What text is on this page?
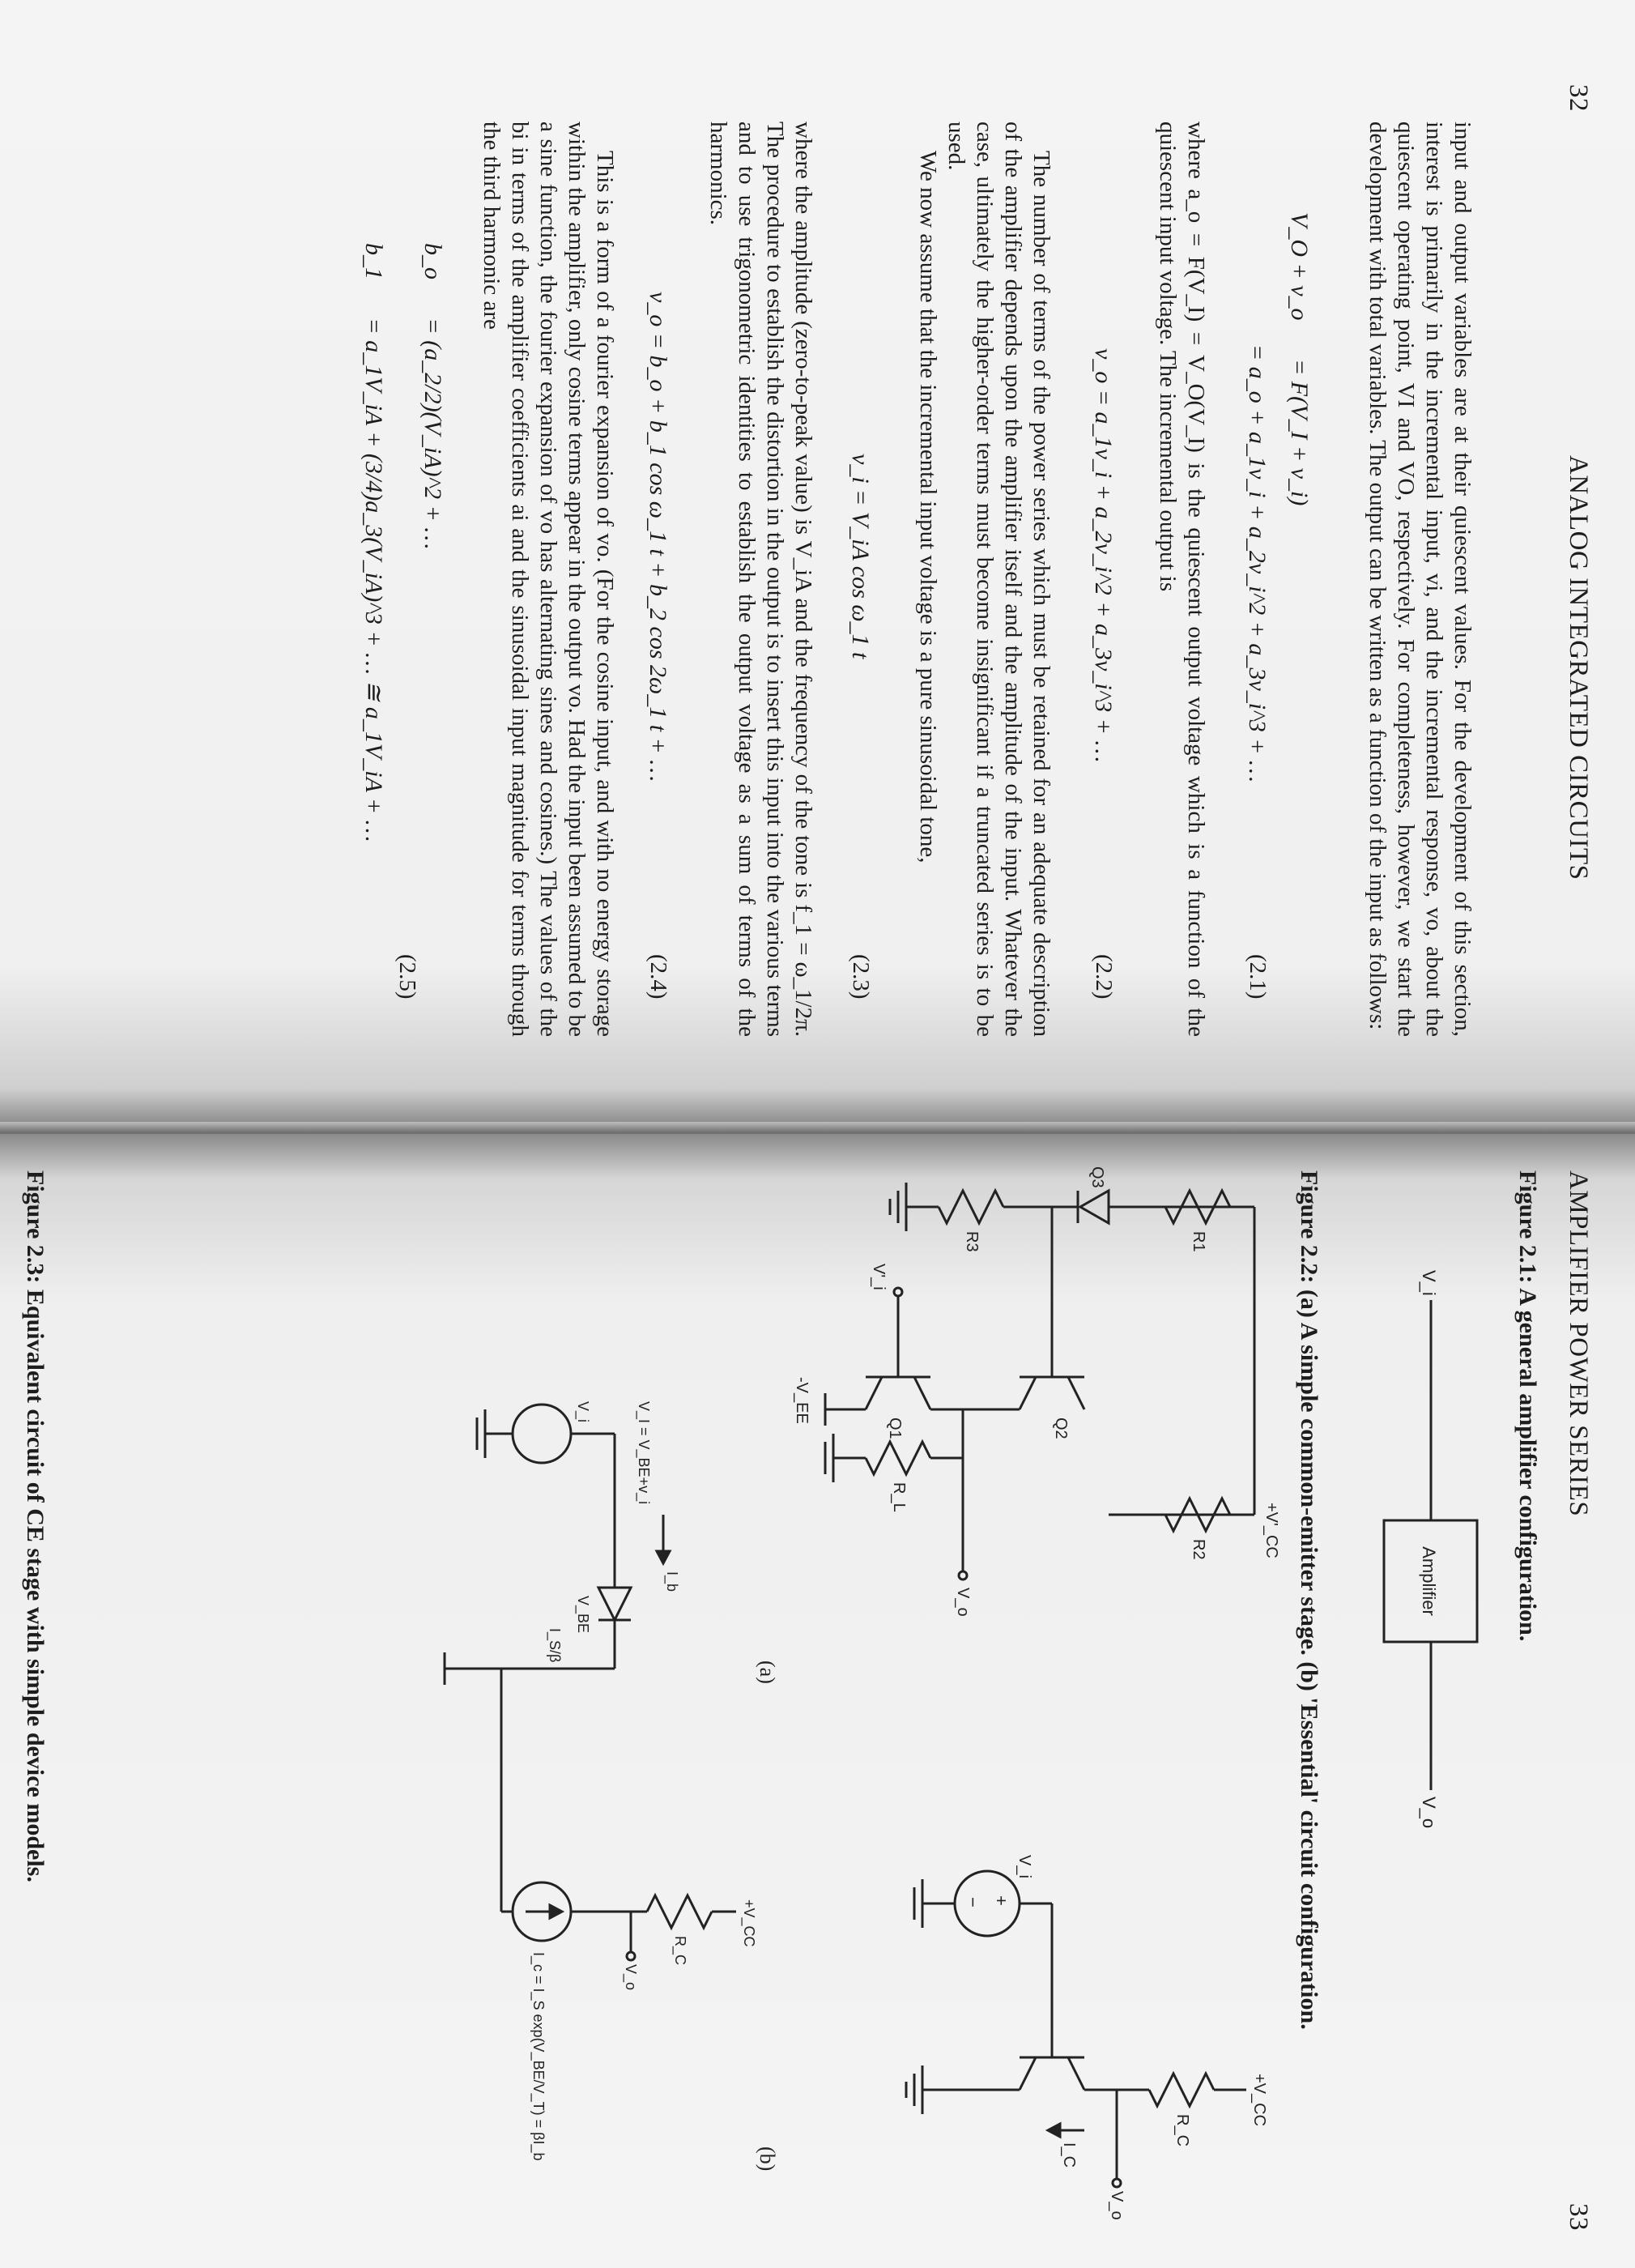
32
ANALOG INTEGRATED CIRCUITS

input and output variables are at their quiescent values. For the development of this section, interest is primarily in the incremental input, vi, and the incremental response, vo, about the quiescent operating point, VI and VO, respectively. For completeness, however, we start the development with total variables. The output can be written as a function of the input as follows:

V_O + v_o = F(V_I + v_i)
= a_o + a_1v_i + a_2v_i^2 + a_3v_i^3 + …
(2.1)

where a_o = F(V_I) = V_O(V_I) is the quiescent output voltage which is a function of the quiescent input voltage. The incremental output is

v_o = a_1v_i + a_2v_i^2 + a_3v_i^3 + …
(2.2)

The number of terms of the power series which must be retained for an adequate description of the amplifier depends upon the amplifier itself and the amplitude of the input. Whatever the case, ultimately the higher-order terms must become insignificant if a truncated series is to be used.

We now assume that the incremental input voltage is a pure sinusoidal tone,

v_i = V_iA cos ω_1 t
(2.3)

where the amplitude (zero-to-peak value) is V_iA and the frequency of the tone is f_1 = ω_1/2π. The procedure to establish the distortion in the output is to insert this input into the various terms and to use trigonometric identities to establish the output voltage as a sum of terms of the harmonics.

v_o = b_o + b_1 cos ω_1 t + b_2 cos 2ω_1 t + …
(2.4)

This is a form of a fourier expansion of vo. (For the cosine input, and with no energy storage within the amplifier, only cosine terms appear in the output vo. Had the input been assumed to be a sine function, the fourier expansion of vo has alternating sines and cosines.) The values of the bi in terms of the amplifier coefficients ai and the sinusoidal input magnitude for terms through the third harmonic are

b_o = (a_2/2)(V_iA)^2 + …
b_1 = a_1V_iA + (3/4)a_3(V_iA)^3 + … ≅ a_1V_iA + …
(2.5)
AMPLIFIER POWER SERIES
33
V_i
Amplifier
V_o
+V'_CC
R1
R2
Q3
Q2
R3
V'_i
Q1
R_L
V_o
-V_EE
(a)
+V_CC
R_C
V_o
V_i
I_C
+
−
(b)
+V_CC
R_C
V_o
V_i	V_I = V_BE+v_i
I_b
V_BE
I_S/β
I_c = I_S exp(V_BE/V_T) = βI_b
Figure 2.1: A general amplifier configuration.
Figure 2.2: (a) A simple common-emitter stage. (b) 'Essential' circuit configuration.
Figure 2.3: Equivalent circuit of CE stage with simple device models.
